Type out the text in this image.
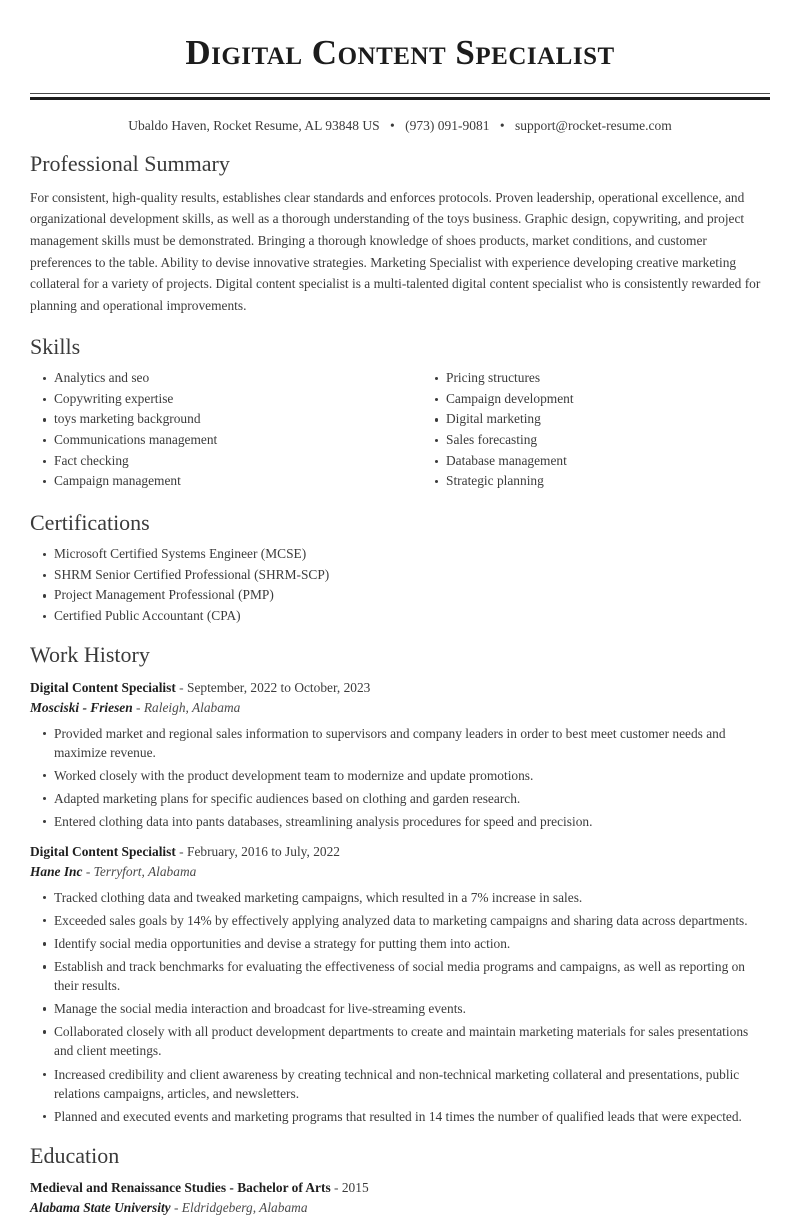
Digital Content Specialist
Ubaldo Haven, Rocket Resume, AL 93848 US • (973) 091-9081 • support@rocket-resume.com
Professional Summary

For consistent, high-quality results, establishes clear standards and enforces protocols. Proven leadership, operational excellence, and organizational development skills, as well as a thorough understanding of the toys business. Graphic design, copywriting, and project management skills must be demonstrated. Bringing a thorough knowledge of shoes products, market conditions, and customer preferences to the table. Ability to devise innovative strategies. Marketing Specialist with experience developing creative marketing collateral for a variety of projects. Digital content specialist is a multi-talented digital content specialist who is consistently rewarded for planning and operational improvements.

Skills
Analytics and seo
Copywriting expertise
toys marketing background
Communications management
Fact checking
Campaign management
Pricing structures
Campaign development
Digital marketing
Sales forecasting
Database management
Strategic planning
Certifications
Microsoft Certified Systems Engineer (MCSE)
SHRM Senior Certified Professional (SHRM-SCP)
Project Management Professional (PMP)
Certified Public Accountant (CPA)
Work History
Digital Content Specialist - September, 2022 to October, 2023
Mosciski - Friesen - Raleigh, Alabama
Provided market and regional sales information to supervisors and company leaders in order to best meet customer needs and maximize revenue.
Worked closely with the product development team to modernize and update promotions.
Adapted marketing plans for specific audiences based on clothing and garden research.
Entered clothing data into pants databases, streamlining analysis procedures for speed and precision.
Digital Content Specialist - February, 2016 to July, 2022
Hane Inc - Terryfort, Alabama
Tracked clothing data and tweaked marketing campaigns, which resulted in a 7% increase in sales.
Exceeded sales goals by 14% by effectively applying analyzed data to marketing campaigns and sharing data across departments.
Identify social media opportunities and devise a strategy for putting them into action.
Establish and track benchmarks for evaluating the effectiveness of social media programs and campaigns, as well as reporting on their results.
Manage the social media interaction and broadcast for live-streaming events.
Collaborated closely with all product development departments to create and maintain marketing materials for sales presentations and client meetings.
Increased credibility and client awareness by creating technical and non-technical marketing collateral and presentations, public relations campaigns, articles, and newsletters.
Planned and executed events and marketing programs that resulted in 14 times the number of qualified leads that were expected.
Education
Medieval and Renaissance Studies - Bachelor of Arts - 2015
Alabama State University - Eldridgeberg, Alabama
